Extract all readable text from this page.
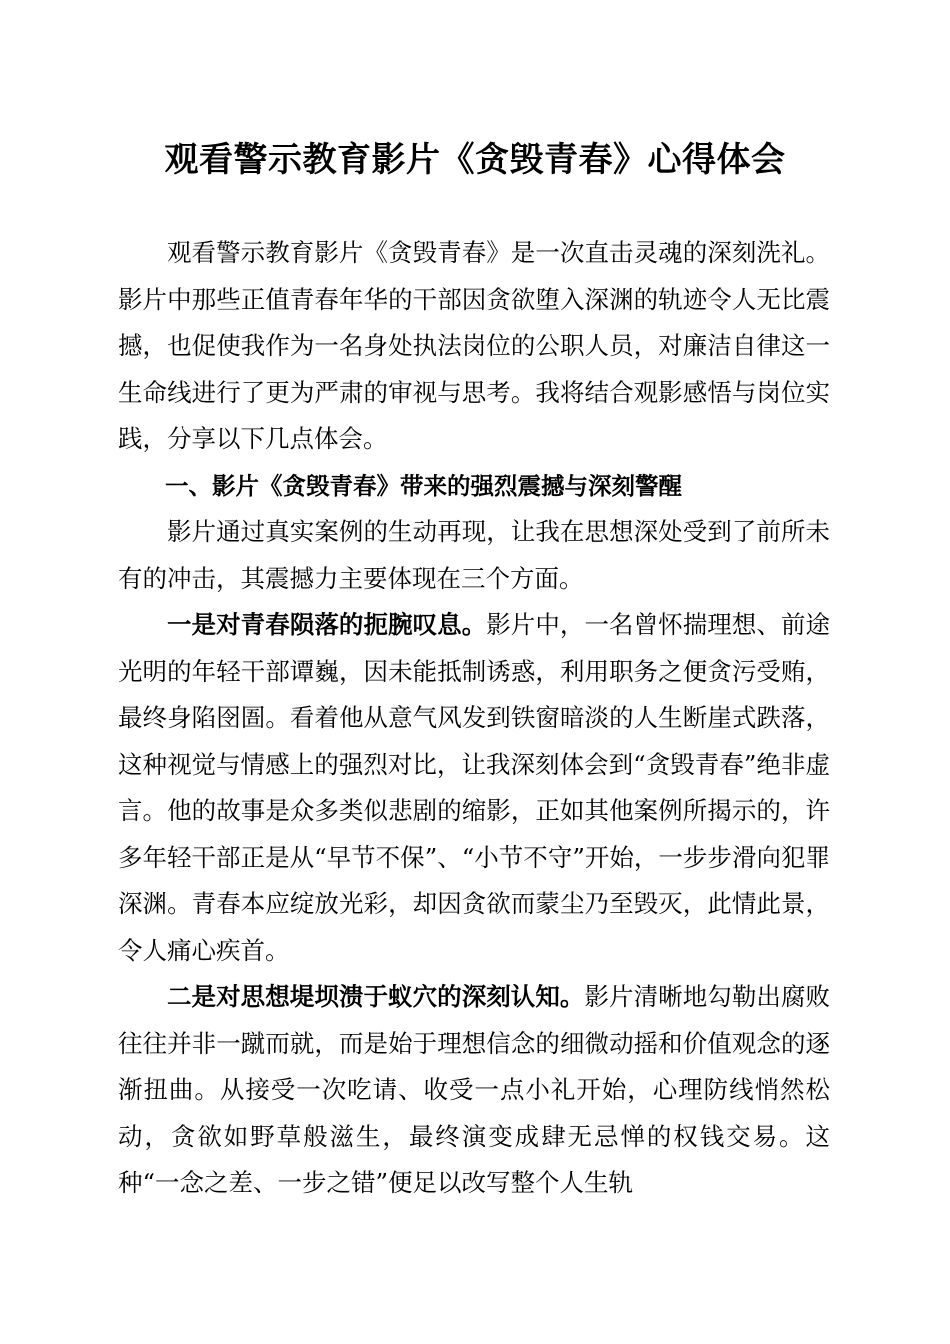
观看警示教育影片《贪毁青春》心得体会

观看警示教育影片《贪毁青春》是一次直击灵魂的深刻洗礼。影片中那些正值青春年华的干部因贪欲堕入深渊的轨迹令人无比震撼，也促使我作为一名身处执法岗位的公职人员，对廉洁自律这一生命线进行了更为严肃的审视与思考。我将结合观影感悟与岗位实践，分享以下几点体会。

一、影片《贪毁青春》带来的强烈震撼与深刻警醒

影片通过真实案例的生动再现，让我在思想深处受到了前所未有的冲击，其震撼力主要体现在三个方面。

一是对青春陨落的扼腕叹息。影片中，一名曾怀揣理想、前途光明的年轻干部谭巍，因未能抵制诱惑，利用职务之便贪污受贿，最终身陷囹圄。看着他从意气风发到铁窗暗淡的人生断崖式跌落，这种视觉与情感上的强烈对比，让我深刻体会到“贪毁青春”绝非虚言。他的故事是众多类似悲剧的缩影，正如其他案例所揭示的，许多年轻干部正是从“早节不保”、“小节不守”开始，一步步滑向犯罪深渊。青春本应绽放光彩，却因贪欲而蒙尘乃至毁灭，此情此景，令人痛心疾首。

二是对思想堤坝溃于蚁穴的深刻认知。影片清晰地勾勒出腐败往往并非一蹴而就，而是始于理想信念的细微动摇和价值观念的逐渐扭曲。从接受一次吃请、收受一点小礼开始，心理防线悄然松动，贪欲如野草般滋生，最终演变成肆无忌惮的权钱交易。这种“一念之差、一步之错”便足以改写整个人生轨
